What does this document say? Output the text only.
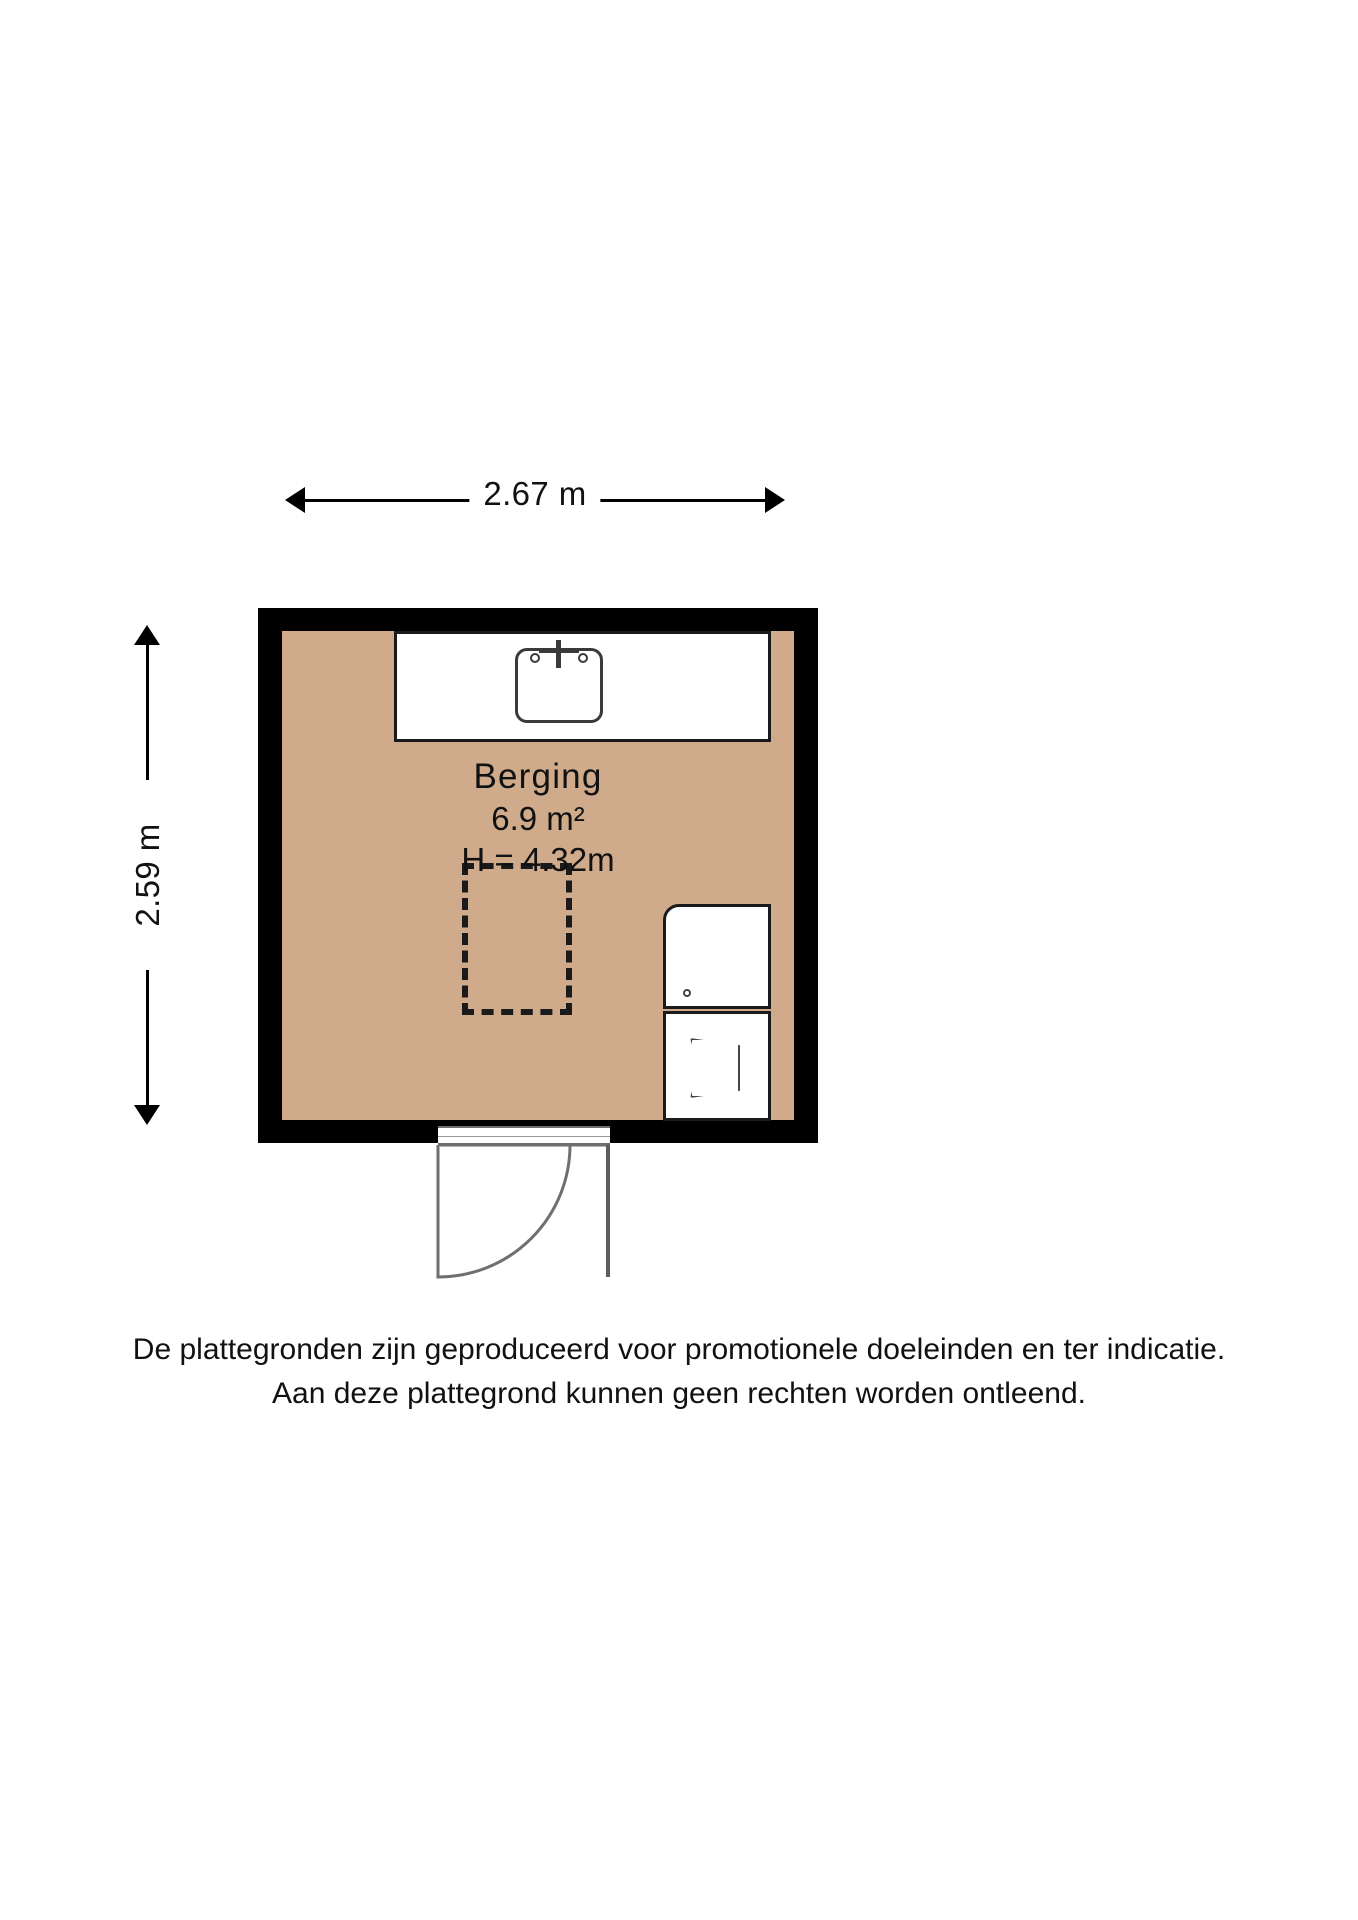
2.67 m
2.59 m
Berging
6.9 m²
H = 4.32m
De plattegronden zijn geproduceerd voor promotionele doeleinden en ter indicatie.
Aan deze plattegrond kunnen geen rechten worden ontleend.
